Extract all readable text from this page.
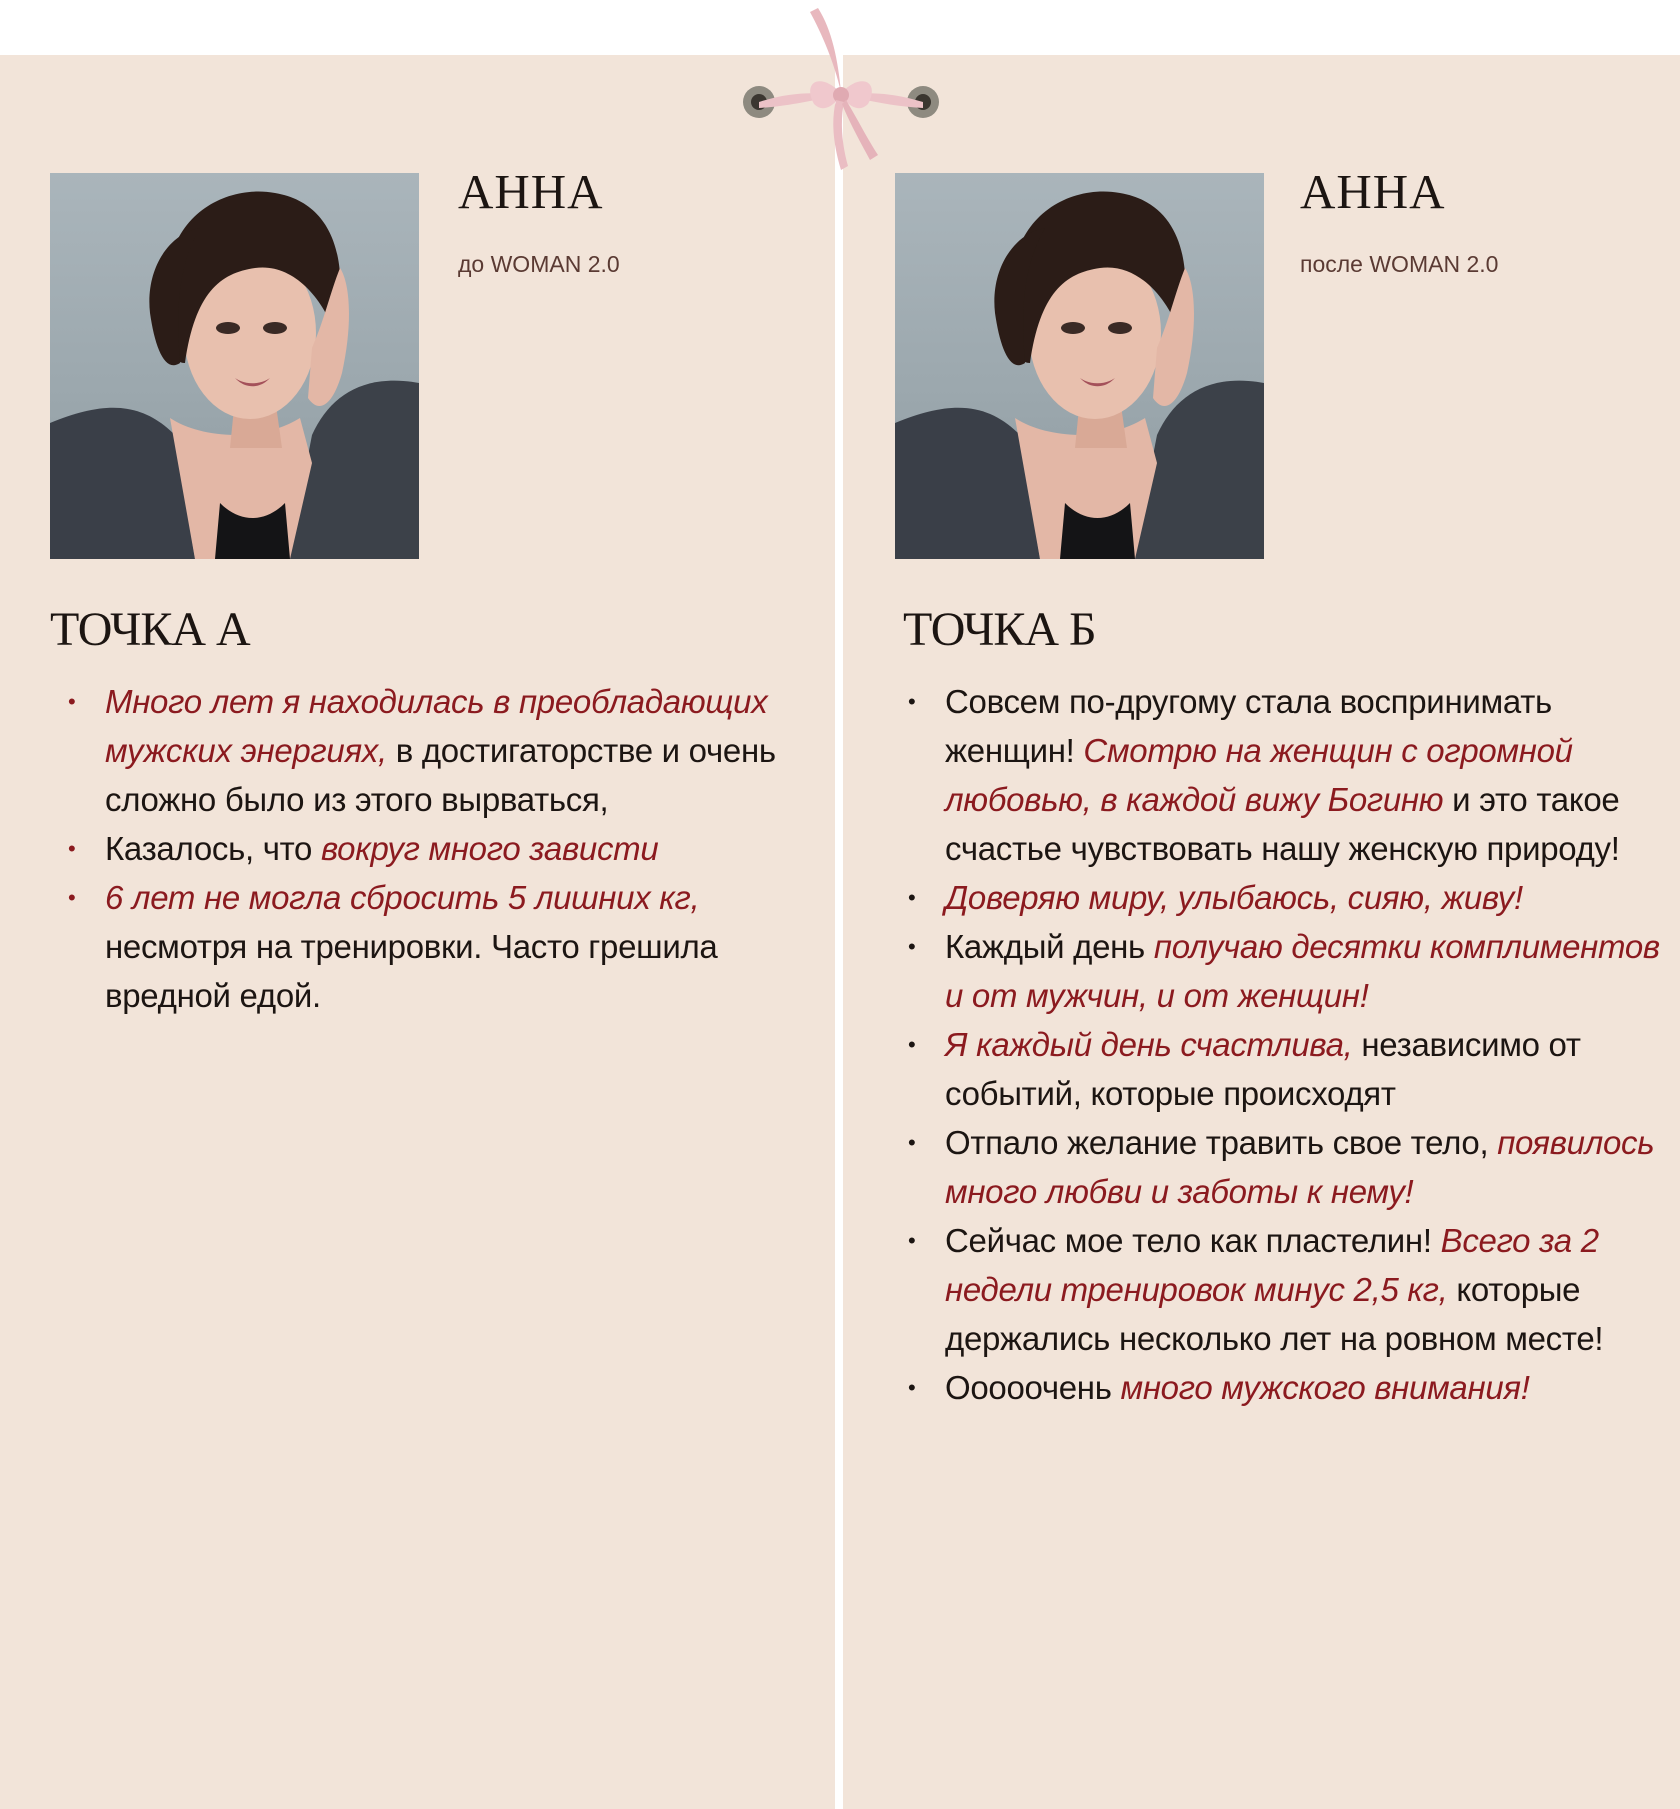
АННА
до WOMAN 2.0
ТОЧКА А
• Много лет я находилась в преобладающих мужских энергиях, в достигаторстве и очень сложно было из этого вырваться,
• Казалось, что вокруг много зависти
• 6 лет не могла сбросить 5 лишних кг, несмотря на тренировки. Часто грешила вредной едой.
АННА
после WOMAN 2.0
ТОЧКА Б
• Совсем по-другому стала воспринимать женщин! Смотрю на женщин с огромной любовью, в каждой вижу Богиню и это такое счастье чувствовать нашу женскую природу!
• Доверяю миру, улыбаюсь, сияю, живу!
• Каждый день получаю десятки комплиментов и от мужчин, и от женщин!
• Я каждый день счастлива, независимо от событий, которые происходят
• Отпало желание травить свое тело, появилось много любви и заботы к нему!
• Сейчас мое тело как пластелин! Всего за 2 недели тренировок минус 2,5 кг, которые держались несколько лет на ровном месте!
• Ооооочень много мужского внимания!
